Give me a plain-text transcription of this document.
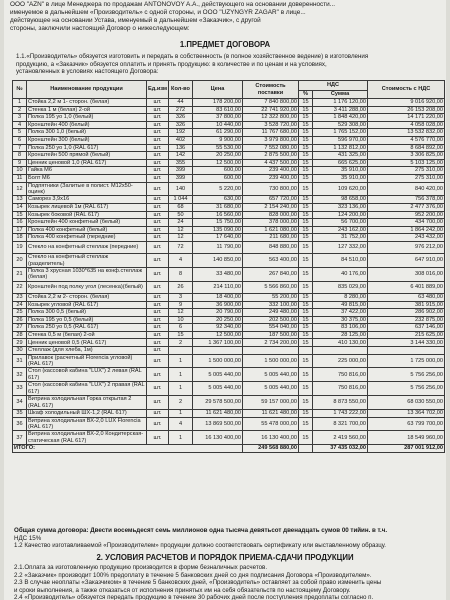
ООО "AZN" в лице Менеджера по продажам ANTONOVOY A.A., действующего на основании доверенности...
именуемое в дальнейшем «Производитель» с одной стороны, и ООО "UZYNGYR ZAGAR" в лице...
действующее на основании Устава, именуемый в дальнейшем «Заказчик», с другой
стороны, заключили настоящий Договор о нижеследующем:
1.ПРЕДМЕТ ДОГОВОРА
1.1.«Производитель» обязуется изготовить и передать в собственность (в полное хозяйственное ведение) в изготовления
продукцию, а «Заказчик» обязуется оплатить и принять продукцию: в количестве и по ценам и на условиях,
установленных в условиях настоящего Договора:
№	Наименование продукции	Ед.изм	Кол-во	Цена	Стоимость поставки	НДС		Стоимость с НДС
						%	Сумма	
1	Стойка 2,2 м 1- сторон. (белая)	шт.	44	178 200,00	7 840 800,00	15	1 176 120,00	9 016 920,00
2	Стенка 1 м (белая) 2-ой	шт.	272	83 610,00	22 741 920,00	15	3 411 288,00	26 153 208,00
3	Полка 195 уо 1,0 (белый)	шт.	326	37 800,00	12 322 800,00	15	1 848 420,00	14 171 220,00
4	Кронштейн 400 (белый)	шт.	326	10 440,00	3 528 720,00	15	529 308,00	4 058 028,00
5	Полка 300 1,0 (белый)	шт.	192	61 290,00	11 767 680,00	15	1 765 152,00	13 532 832,00
6	Кронштейн 300 (белый)	шт.	402	9 900,00	3 979 800,00	15	596 970,00	4 576 770,00
7	Полка 250 уо 1,0 (RAL 617)	шт.	136	55 530,00	7 552 080,00	15	1 132 812,00	8 684 892,00
8	Кронштейн 500 прямой (белый)	шт.	142	20 250,00	2 875 500,00	15	431 325,00	3 306 825,00
9	Ценник ценовой 1,0 (RAL 617)	шт.	355	12 500,00	4 437 500,00	15	665 625,00	5 103 125,00
10	Гайка М6	шт.	399	600,00	239 400,00	15	35 910,00	275 310,00
11	Болт М6	шт.	399	600,00	239 400,00	15	35 910,00	275 310,00
12	Подпятники (Залитые в полист. М12х50-оцинк)	шт.	140	5 220,00	730 800,00	15	109 620,00	840 420,00
13	Саморез 3,9х16	шт.	1 044	630,00	657 720,00	15	98 658,00	756 378,00
14	Козырек лицевой 1м (RAL 617)	шт.	68	31 680,00	2 154 240,00	15	323 136,00	2 477 376,00
15	Козырек боковой (RAL 617)	шт.	50	16 560,00	828 000,00	15	124 200,00	952 200,00
16	Кронштейн 400 конфетный (белый)	шт.	24	15 750,00	378 000,00	15	56 700,00	434 700,00
17	Полка 400 конфетный (белый)	шт.	12	135 090,00	1 621 080,00	15	243 162,00	1 864 242,00
18	Полка 400 конфетный (передние)	шт.	12	17 640,00	211 680,00	15	31 752,00	243 432,00
19	Стекло на конфетный стеллаж (передние)	шт.	72	11 790,00	848 880,00	15	127 332,00	976 212,00
20	Стекло на конфетный стеллаж (разделитель)	шт.	4	140 850,00	563 400,00	15	84 510,00	647 910,00
21	Полка 3 хрусная 1030*635 на конф.стеллаж (белая)	шт.	8	33 480,00	267 840,00	15	40 176,00	308 016,00
22	Кронштейн под полку угол (лесенка)(белый)	шт.	26	214 110,00	5 566 860,00	15	835 029,00	6 401 889,00
23	Стойка 2,2 м 2- сторон. (белая)	шт.	3	18 400,00	55 200,00	15	8 280,00	63 480,00
24	Козырек угловой (RAL 617)	шт.	9	36 900,00	332 100,00	15	49 815,00	381 915,00
25	Полка 300 0,5 (белый)	шт.	12	20 790,00	249 480,00	15	37 422,00	286 902,00
26	Полка 195 уо 0,5 (белый)	шт.	10	20 250,00	202 500,00	15	30 375,00	232 875,00
27	Полка 250 уо 0,5 (RAL 617)	шт.	6	92 340,00	554 040,00	15	83 106,00	637 146,00
28	Стенка 0,5 м (белая) 2-ой	шт.	15	12 500,00	187 500,00	15	28 125,00	215 625,00
29	Ценник ценовой 0,5 (RAL 617)	шт.	2	1 367 100,00	2 734 200,00	15	410 130,00	3 144 330,00
30	Стеллаж (для хлеба, 1м)	шт.						
31	Прилавок (расчетный Florencia угловой) (RAL 617)	шт.	1	1 500 000,00	1 500 000,00	15	225 000,00	1 725 000,00
32	Стол (кассовой кабина "LUX") 2 левая (RAL 617)	шт.	1	5 005 440,00	5 005 440,00	15	750 816,00	5 756 256,00
33	Стол (кассовой кабина "LUX") 2 правая (RAL 617)	шт.	1	5 005 440,00	5 005 440,00	15	750 816,00	5 756 256,00
34	Витрина холодильная Горка открытая 2 (RAL 617)	шт.	2	29 578 500,00	59 157 000,00	15	8 873 550,00	68 030 550,00
35	Шкаф холодильный ШХ-1,2 (RAL 617)	шт.	1	11 621 480,00	11 621 480,00	15	1 743 222,00	13 364 702,00
36	Витрина холодильная ВХ-2,0 LUX Florencia (RAL 617)	шт.	4	13 869 500,00	55 478 000,00	15	8 321 700,00	63 799 700,00
37	Витрина холодильная ВХ-2,0 Кондитерская-статическая (RAL 617)	шт.	1	16 130 400,00	16 130 400,00	15	2 419 560,00	18 549 960,00
ИТОГО:					249 568 880,00		37 435 032,00	287 001 912,00
Общая сумма договора: Двести восемьдесят семь миллионов одна тысяча девятьсот двенадцать сумов 00 тийин. в т.ч.
НДС 15%
1.2 Качество изготавливаемой «Производителем» продукции должно соответствовать сертификату или выставленному образцу.
2. УСЛОВИЯ РАСЧЕТОВ И ПОРЯДОК ПРИЕМА-СДАЧИ ПРОДУКЦИИ
2.1.Оплата за изготовленную продукцию производится в форме безналичных расчетов.
2.2 «Заказчик» производит 100% предоплату в течение 5 банковских дней со дня подписания Договора «Производителем».
2.3 В случае неоплаты «Заказчиком» в течение 5 банковских дней, «Производитель» оставляет за собой право изменить цены
и сроки выполнения, а также отказаться от исполнения принятых им на себя обязательств по настоящему Договору.
2.4 «Производитель» обязуется передать продукцию в течение 30 рабочих дней после поступления предоплаты согласно п.
